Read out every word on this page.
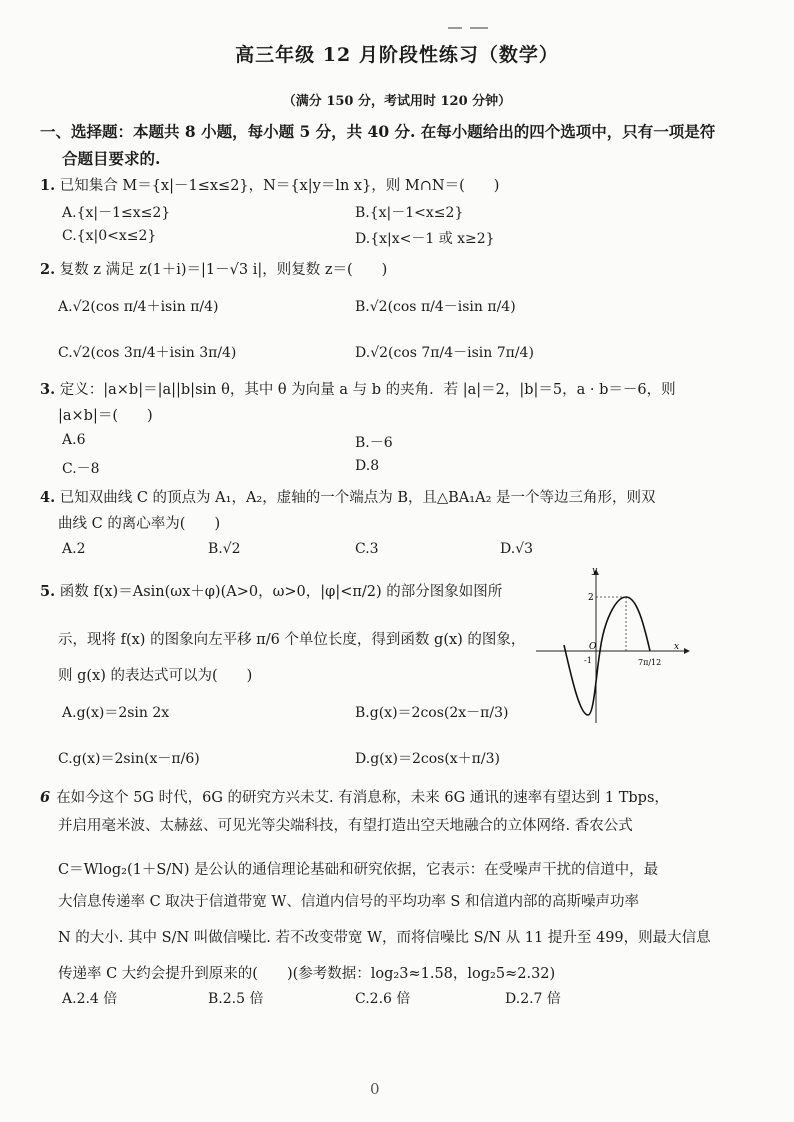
高三年级 12 月阶段性练习（数学）
（满分 150 分，考试用时 120 分钟）
一、选择题：本题共 8 小题，每小题 5 分，共 40 分. 在每小题给出的四个选项中，只有一项是符
合题目要求的.
1. 已知集合 M＝{x|－1≤x≤2}，N＝{x|y＝ln x}，则 M∩N＝(　　)
A.{x|－1≤x≤2}	B.{x|－1<x≤2}
C.{x|0<x≤2}	D.{x|x<－1 或 x≥2}
2. 复数 z 满足 z(1＋i)＝|1－√3 i|，则复数 z＝(　　)
A.√2(cos π/4＋isin π/4)	B.√2(cos π/4－isin π/4)
C.√2(cos 3π/4＋isin 3π/4)	D.√2(cos 7π/4－isin 7π/4)
3. 定义：|a×b|＝|a||b|sin θ，其中 θ 为向量 a 与 b 的夹角．若 |a|＝2，|b|＝5，a · b＝－6，则
|a×b|＝(　　)
A.6	B.－6
C.－8	D.8
4. 已知双曲线 C 的顶点为 A₁，A₂，虚轴的一个端点为 B，且△BA₁A₂ 是一个等边三角形，则双
曲线 C 的离心率为(　　)
A.2	B.√2	C.3	D.√3
5. 函数 f(x)＝Asin(ωx＋φ)(A>0，ω>0，|φ|<π/2) 的部分图象如图所
示，现将 f(x) 的图象向左平移 π/6 个单位长度，得到函数 g(x) 的图象，
则 g(x) 的表达式可以为(　　)
y
x
2
O
-1	7π/12
A.g(x)＝2sin 2x	B.g(x)＝2cos(2x－π/3)
C.g(x)＝2sin(x－π/6)	D.g(x)＝2cos(x＋π/3)
6 在如今这个 5G 时代，6G 的研究方兴未艾. 有消息称，未来 6G 通讯的速率有望达到 1 Tbps，
并启用毫米波、太赫兹、可见光等尖端科技，有望打造出空天地融合的立体网络. 香农公式
C＝Wlog₂(1＋S/N) 是公认的通信理论基础和研究依据，它表示：在受噪声干扰的信道中，最
大信息传递率 C 取决于信道带宽 W、信道内信号的平均功率 S 和信道内部的高斯噪声功率
N 的大小. 其中 S/N 叫做信噪比. 若不改变带宽 W，而将信噪比 S/N 从 11 提升至 499，则最大信息
传递率 C 大约会提升到原来的(　　)(参考数据：log₂3≈1.58，log₂5≈2.32)
A.2.4 倍	B.2.5 倍	C.2.6 倍	D.2.7 倍
0
